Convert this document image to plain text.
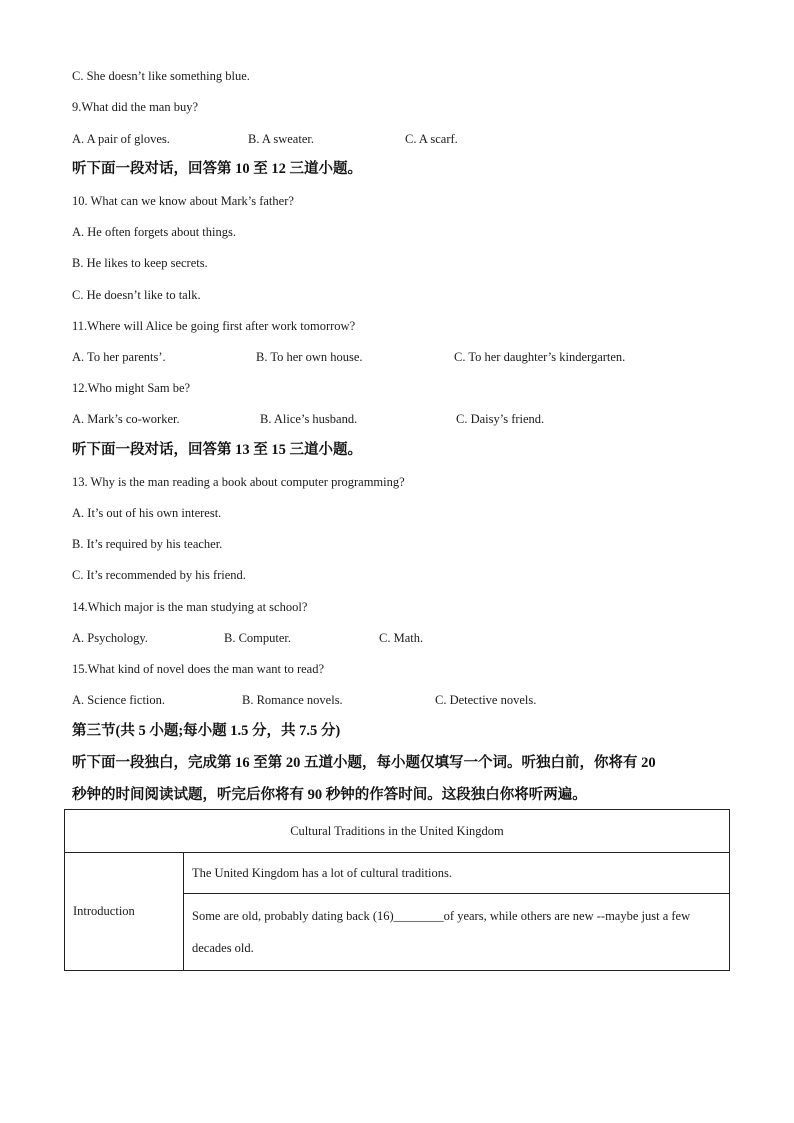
C. She doesn’t like something blue.
9.What did the man buy?
A. A pair of gloves.	B. A sweater.	C. A scarf.
听下面一段对话，回答第 10 至 12 三道小题。
10. What can we know about Mark’s father?
A. He often forgets about things.
B. He likes to keep secrets.
C. He doesn’t like to talk.
11.Where will Alice be going first after work tomorrow?
A. To her parents’.	B. To her own house.	C. To her daughter’s kindergarten.
12.Who might Sam be?
A. Mark’s co-worker.	B. Alice’s husband.	C. Daisy’s friend.
听下面一段对话，回答第 13 至 15 三道小题。
13. Why is the man reading a book about computer programming?
A. It’s out of his own interest.
B. It’s required by his teacher.
C. It’s recommended by his friend.
14.Which major is the man studying at school?
A. Psychology.	B. Computer.	C. Math.
15.What kind of novel does the man want to read?
A. Science fiction.	B. Romance novels.	C. Detective novels.
第三节(共 5 小题;每小题 1.5 分，共 7.5 分)
听下面一段独白，完成第 16 至第 20 五道小题，每小题仅填写一个词。听独白前，你将有 20
秒钟的时间阅读试题，听完后你将有 90 秒钟的作答时间。这段独白你将听两遍。
Cultural Traditions in the United Kingdom
Introduction	The United Kingdom has a lot of cultural traditions.
Some are old, probably dating back (16)________of years, while others are new --maybe just a few decades old.
